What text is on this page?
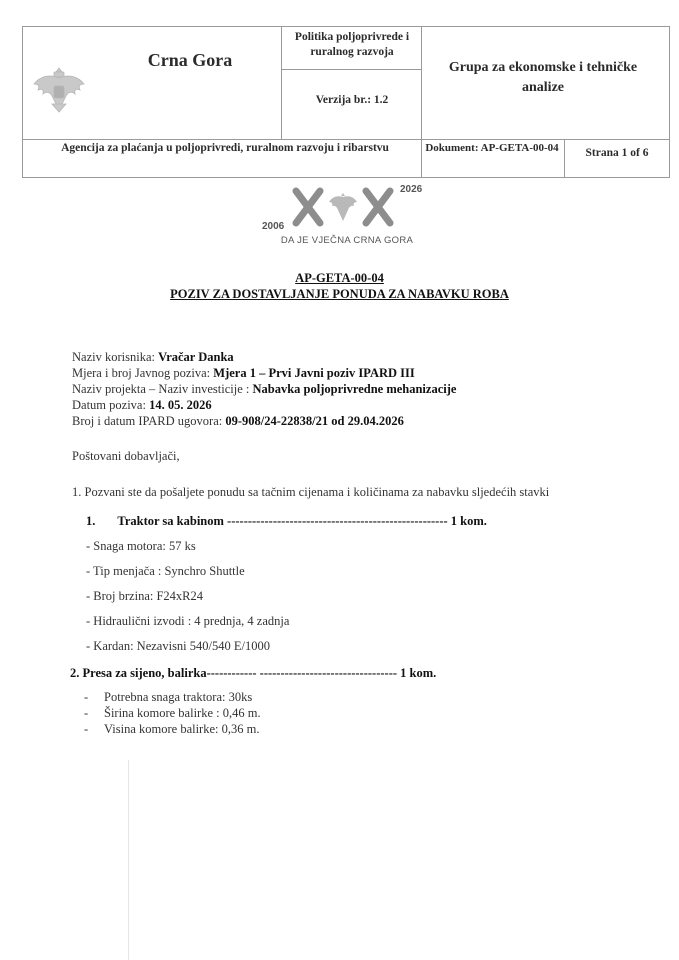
Crna Gora
Politika poljoprivrede i ruralnog razvoja
Verzija br.: 1.2
Grupa za ekonomske i tehničke analize
Agencija za plaćanja u poljoprivredi, ruralnom razvoju i ribarstvu	Dokument: AP-GETA-00-04	Strana 1 of 6
2006
2026
DA JE VJEČNA CRNA GORA
AP-GETA-00-04
POZIV ZA DOSTAVLJANJE PONUDA ZA NABAVKU ROBA
Naziv korisnika: Vračar Danka
Mjera i broj Javnog poziva: Mjera 1 – Prvi Javni poziv IPARD III
Naziv projekta – Naziv investicije : Nabavka poljoprivredne mehanizacije
Datum poziva: 14. 05. 2026
Broj i datum IPARD ugovora: 09-908/24-22838/21 od 29.04.2026
Poštovani dobavljači,
1. Pozvani ste da pošaljete ponudu sa tačnim cijenama i količinama za nabavku sljedećih stavki
1. Traktor sa kabinom ----------------------------------------------------- 1 kom.
- Snaga motora: 57 ks
- Tip menjača : Synchro Shuttle
- Broj brzina: F24xR24
- Hidraulični izvodi : 4 prednja, 4 zadnja
- Kardan: Nezavisni 540/540 E/1000
2. Presa za sijeno, balirka------------ --------------------------------- 1 kom.
- Potrebna snaga traktora: 30ks
- Širina komore balirke : 0,46 m.
- Visina komore balirke: 0,36 m.
